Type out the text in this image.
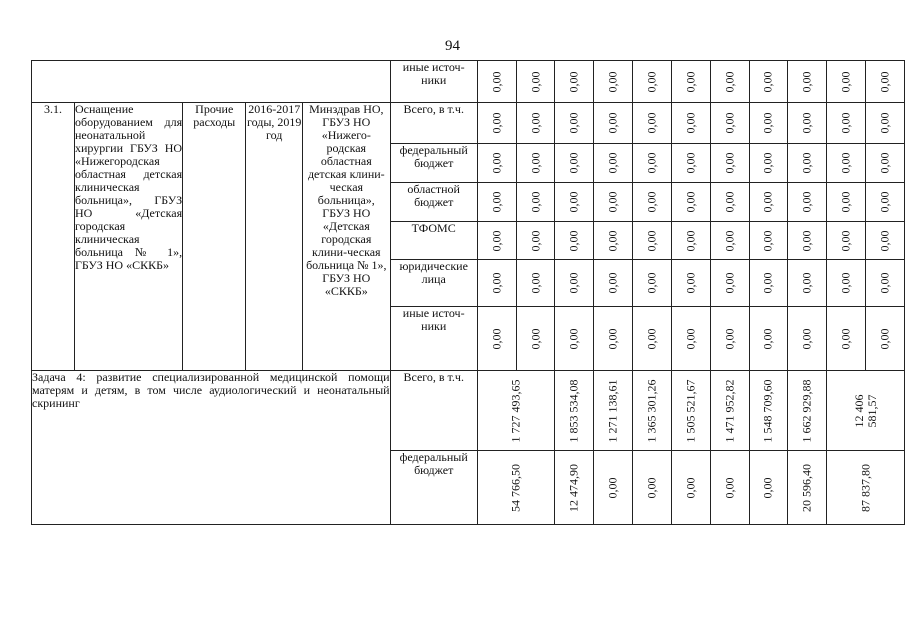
94
					иные источ-ники	0,00	0,00	0,00	0,00	0,00	0,00	0,00	0,00	0,00	0,00	0,00

3.1.	Оснащение оборудованием для неонатальной хирургии ГБУЗ НО «Нижегородская областная детская клиническая больница», ГБУЗ НО «Детская городская клиническая больница № 1», ГБУЗ НО «СККБ»	Прочие расходы	2016-2017 годы, 2019 год	Минздрав НО, ГБУЗ НО «Нижего-родская областная детская клини-ческая больница», ГБУЗ НО «Детская городская клини-ческая больница № 1», ГБУЗ НО «СККБ»	Всего, в т.ч.	0,00	0,00	0,00	0,00	0,00	0,00	0,00	0,00	0,00	0,00	0,00

					федеральный бюджет	0,00	0,00	0,00	0,00	0,00	0,00	0,00	0,00	0,00	0,00	0,00

					областной бюджет	0,00	0,00	0,00	0,00	0,00	0,00	0,00	0,00	0,00	0,00	0,00

					ТФОМС	0,00	0,00	0,00	0,00	0,00	0,00	0,00	0,00	0,00	0,00	0,00

					юридические лица	0,00	0,00	0,00	0,00	0,00	0,00	0,00	0,00	0,00	0,00	0,00

					иные источ-ники	0,00	0,00	0,00	0,00	0,00	0,00	0,00	0,00	0,00	0,00	0,00

Задача 4: развитие специализированной медицинской помощи матерям и детям, в том числе аудиологический и неонатальный скрининг					Всего, в т.ч.	1 727 493,65		1 853 534,08	1 271 138,61	1 365 301,26	1 505 521,67	1 471 952,82	1 548 709,60	1 662 929,88	12 406
581,57	

					федеральный бюджет	54 766,50		12 474,90	0,00	0,00	0,00	0,00	0,00	20 596,40	87 837,80	
